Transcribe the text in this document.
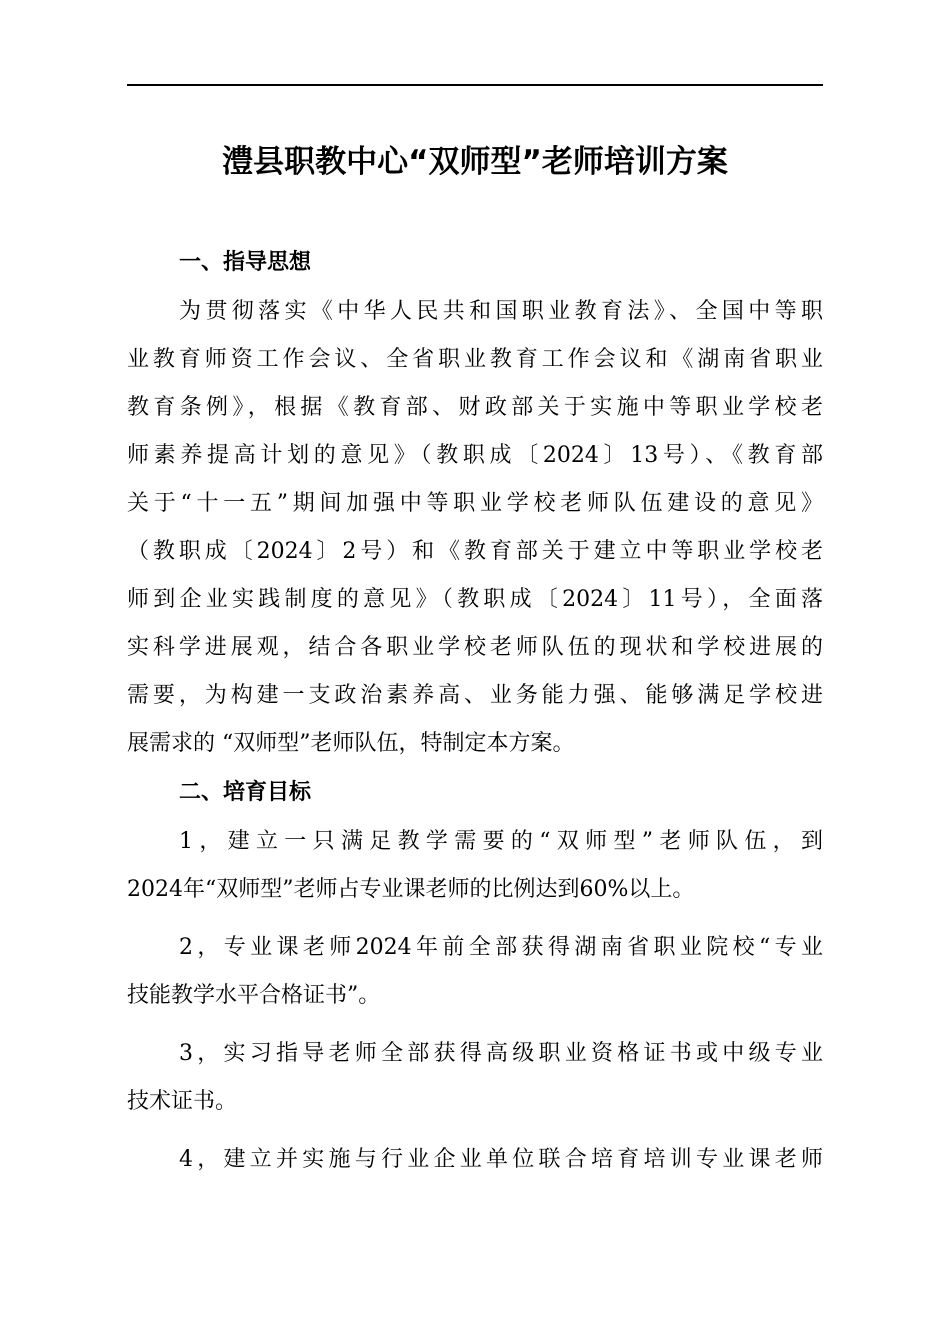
澧县职教中心“双师型”老师培训方案
一、指导思想
为贯彻落实《中华人民共和国职业教育法》、全国中等职
业教育师资工作会议、全省职业教育工作会议和《湖南省职业
教育条例》，根据《教育部、财政部关于实施中等职业学校老
师素养提高计划的意见》（教职成〔2024〕13号）、《教育部
关于“十一五”期间加强中等职业学校老师队伍建设的意见》
（教职成〔2024〕2号）和《教育部关于建立中等职业学校老
师到企业实践制度的意见》（教职成〔2024〕11号），全面落
实科学进展观，结合各职业学校老师队伍的现状和学校进展的
需要，为构建一支政治素养高、业务能力强、能够满足学校进
展需求的 “双师型”老师队伍，特制定本方案。
二、培育目标
1，建立一只满足教学需要的“双师型”老师队伍，到
2024年“双师型”老师占专业课老师的比例达到60%以上。
2，专业课老师2024年前全部获得湖南省职业院校“专业
技能教学水平合格证书”。
3，实习指导老师全部获得高级职业资格证书或中级专业
技术证书。
4，建立并实施与行业企业单位联合培育培训专业课老师
